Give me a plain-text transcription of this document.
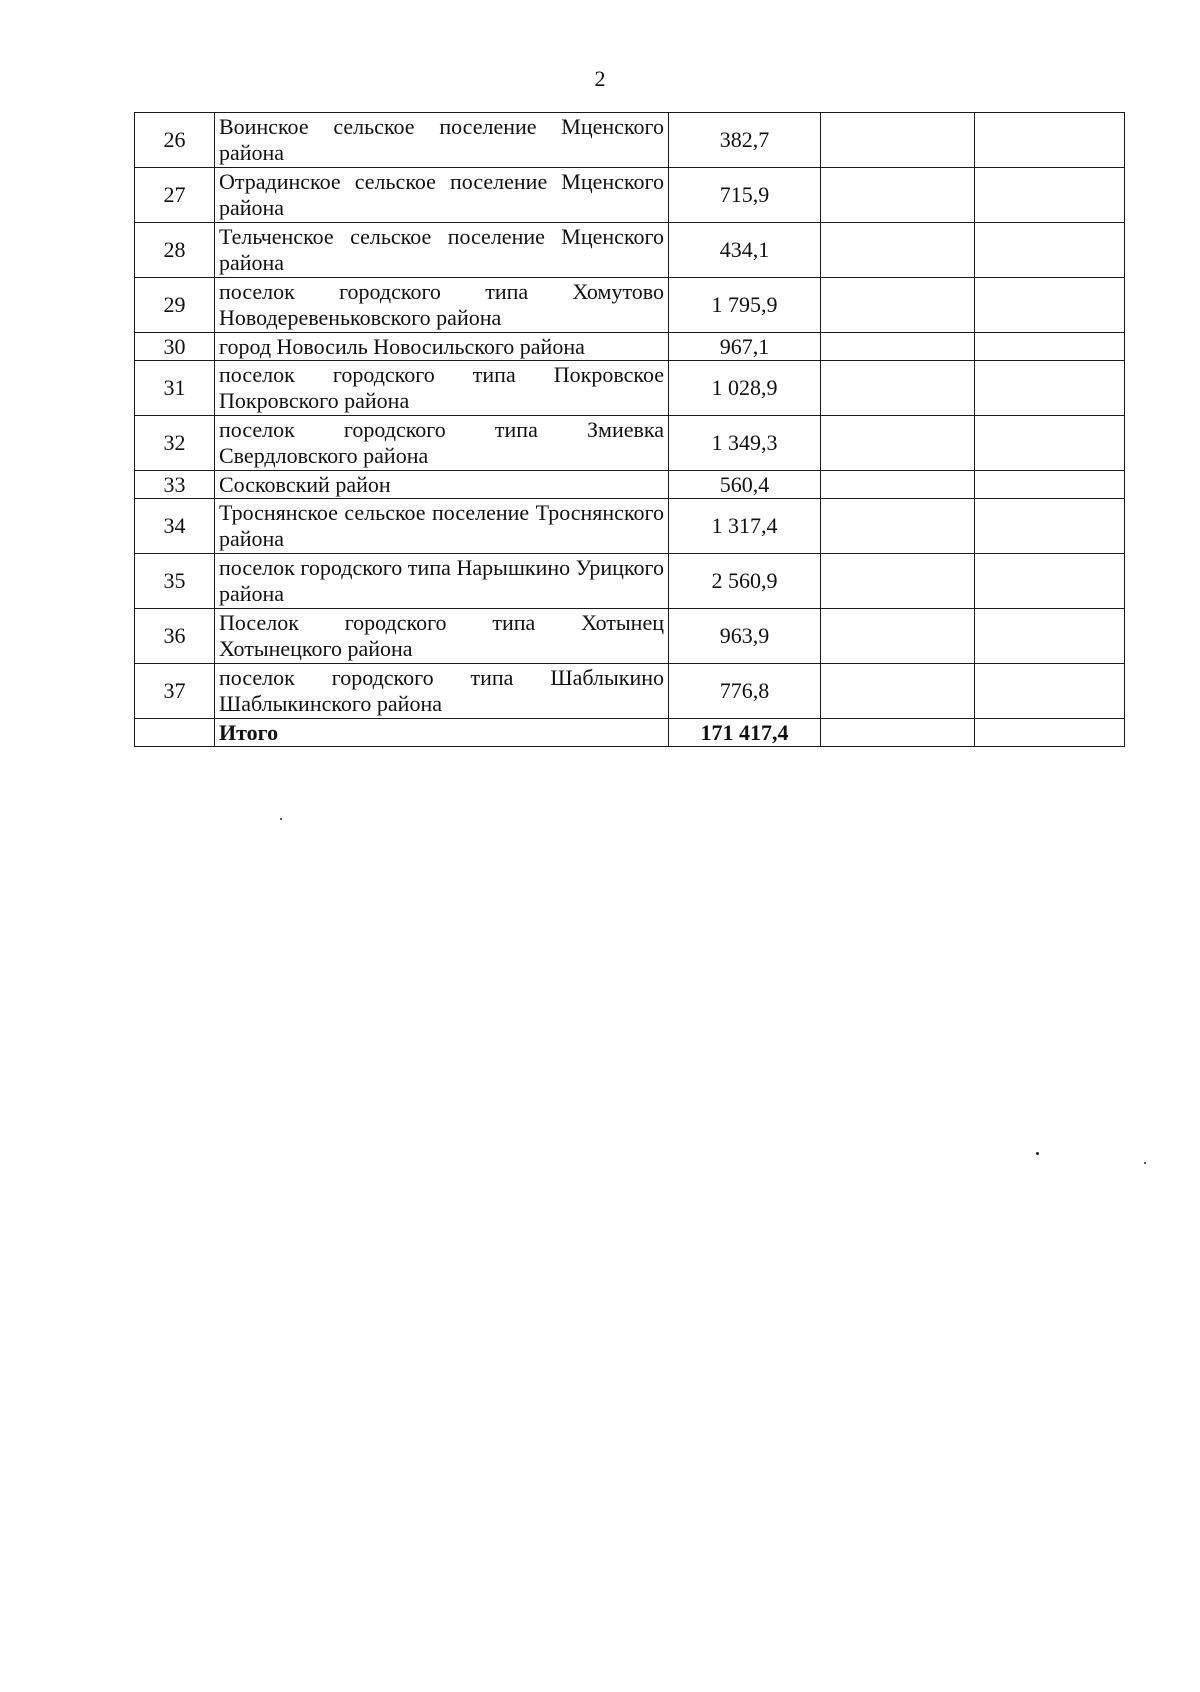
2
26	Воинское сельское поселение Мценского района	382,7		
27	Отрадинское сельское поселение Мценского района	715,9		
28	Тельченское сельское поселение Мценского района	434,1		
29	поселок городского типа Хомутово Новодеревеньковского района	1 795,9		
30	город Новосиль Новосильского района	967,1		
31	поселок городского типа Покровское Покровского района	1 028,9		
32	поселок городского типа Змиевка Свердловского района	1 349,3		
33	Сосковский район	560,4		
34	Троснянское сельское поселение Троснянского района	1 317,4		
35	поселок городского типа Нарышкино Урицкого района	2 560,9		
36	Поселок городского типа Хотынец Хотынецкого района	963,9		
37	поселок городского типа Шаблыкино Шаблыкинского района	776,8		
	Итого	171 417,4		
